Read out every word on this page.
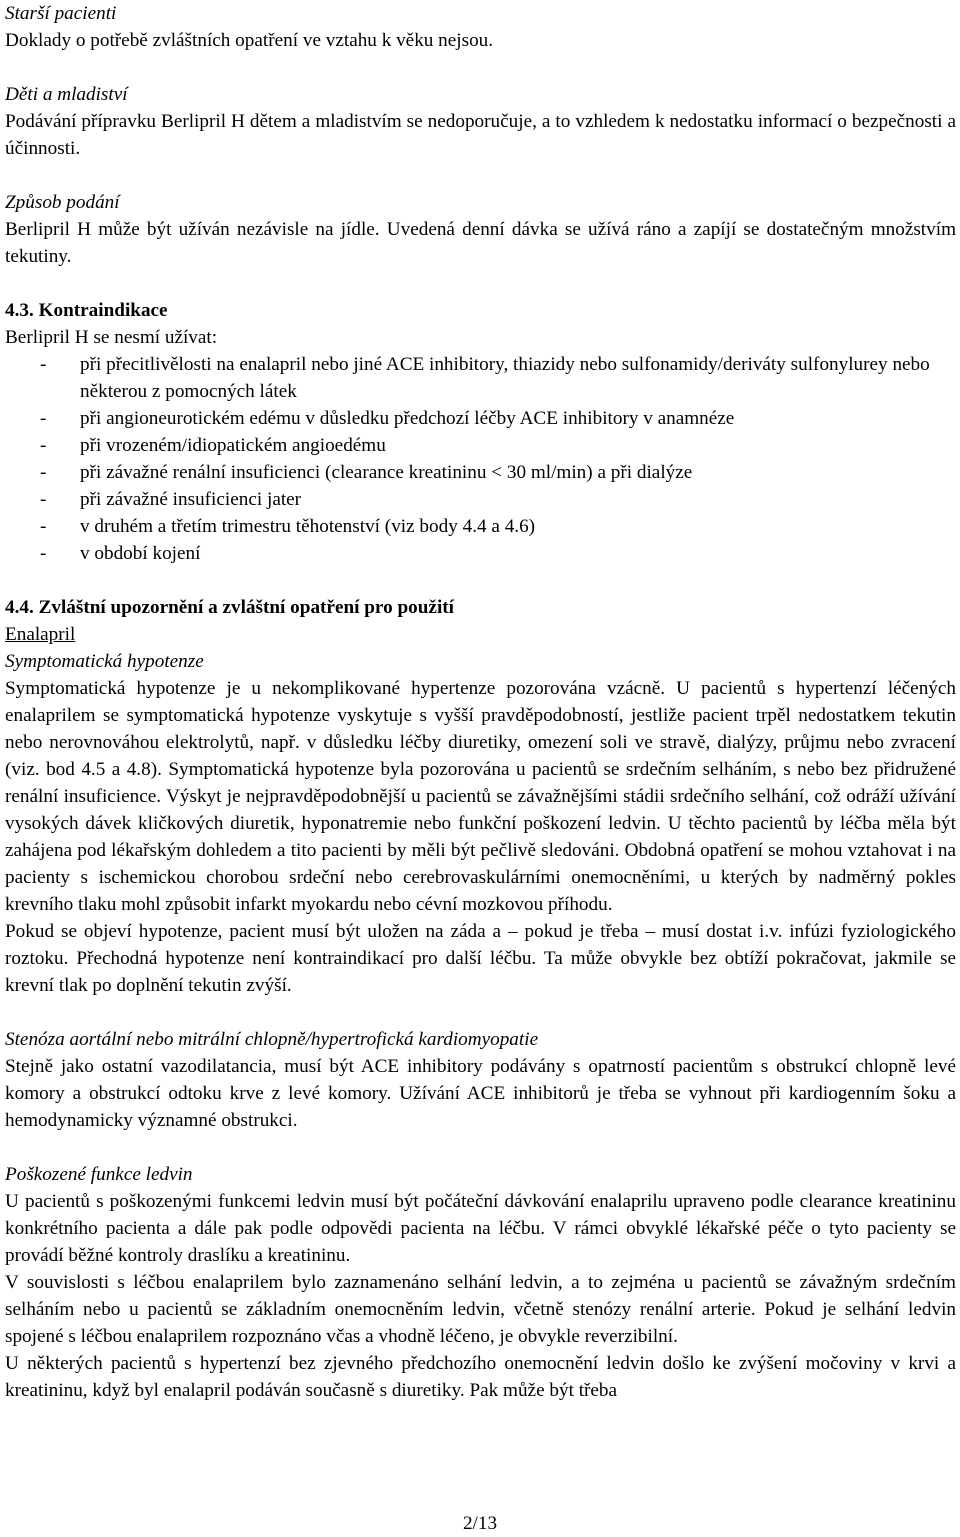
Starší pacienti
Doklady o potřebě zvláštních opatření ve vztahu k věku nejsou.
Děti a mladiství

Podávání přípravku Berlipril H dětem a mladistvím se nedoporučuje, a to vzhledem k nedostatku informací o bezpečnosti a účinnosti.

Způsob podání

Berlipril H může být užíván nezávisle na jídle. Uvedená denní dávka se užívá ráno a zapíjí se dostatečným množstvím tekutiny.

4.3. Kontraindikace
Berlipril H se nesmí užívat:
- při přecitlivělosti na enalapril nebo jiné ACE inhibitory, thiazidy nebo sulfonamidy/deriváty sulfonylurey nebo některou z pomocných látek
- při angioneurotickém edému v důsledku předchozí léčby ACE inhibitory v anamnéze
- při vrozeném/idiopatickém angioedému
- při závažné renální insuficienci (clearance kreatininu < 30 ml/min) a při dialýze
- při závažné insuficienci jater
- v druhém a třetím trimestru těhotenství (viz body 4.4 a 4.6)
- v období kojení
4.4. Zvláštní upozornění a zvláštní opatření pro použití
Enalapril
Symptomatická hypotenze

Symptomatická hypotenze je u nekomplikované hypertenze pozorována vzácně. U pacientů s hypertenzí léčených enalaprilem se symptomatická hypotenze vyskytuje s vyšší pravděpodobností, jestliže pacient trpěl nedostatkem tekutin nebo nerovnováhou elektrolytů, např. v důsledku léčby diuretiky, omezení soli ve stravě, dialýzy, průjmu nebo zvracení (viz. bod 4.5 a 4.8). Symptomatická hypotenze byla pozorována u pacientů se srdečním selháním, s nebo bez přidružené renální insuficience. Výskyt je nejpravděpodobnější u pacientů se závažnějšími stádii srdečního selhání, což odráží užívání vysokých dávek kličkových diuretik, hyponatremie nebo funkční poškození ledvin. U těchto pacientů by léčba měla být zahájena pod lékařským dohledem a tito pacienti by měli být pečlivě sledováni. Obdobná opatření se mohou vztahovat i na pacienty s ischemickou chorobou srdeční nebo cerebrovaskulárními onemocněními, u kterých by nadměrný pokles krevního tlaku mohl způsobit infarkt myokardu nebo cévní mozkovou příhodu.

Pokud se objeví hypotenze, pacient musí být uložen na záda a – pokud je třeba – musí dostat i.v. infúzi fyziologického roztoku. Přechodná hypotenze není kontraindikací pro další léčbu. Ta může obvykle bez obtíží pokračovat, jakmile se krevní tlak po doplnění tekutin zvýší.

Stenóza aortální nebo mitrální chlopně/hypertrofická kardiomyopatie

Stejně jako ostatní vazodilatancia, musí být ACE inhibitory podávány s opatrností pacientům s obstrukcí chlopně levé komory a obstrukcí odtoku krve z levé komory. Užívání ACE inhibitorů je třeba se vyhnout při kardiogenním šoku a hemodynamicky významné obstrukci.

Poškozené funkce ledvin

U pacientů s poškozenými funkcemi ledvin musí být počáteční dávkování enalaprilu upraveno podle clearance kreatininu konkrétního pacienta a dále pak podle odpovědi pacienta na léčbu. V rámci obvyklé lékařské péče o tyto pacienty se provádí běžné kontroly draslíku a kreatininu.

V souvislosti s léčbou enalaprilem bylo zaznamenáno selhání ledvin, a to zejména u pacientů se závažným srdečním selháním nebo u pacientů se základním onemocněním ledvin, včetně stenózy renální arterie. Pokud je selhání ledvin spojené s léčbou enalaprilem rozpoznáno včas a vhodně léčeno, je obvykle reverzibilní.

U některých pacientů s hypertenzí bez zjevného předchozího onemocnění ledvin došlo ke zvýšení močoviny v krvi a kreatininu, když byl enalapril podáván současně s diuretiky. Pak může být třeba

2/13
